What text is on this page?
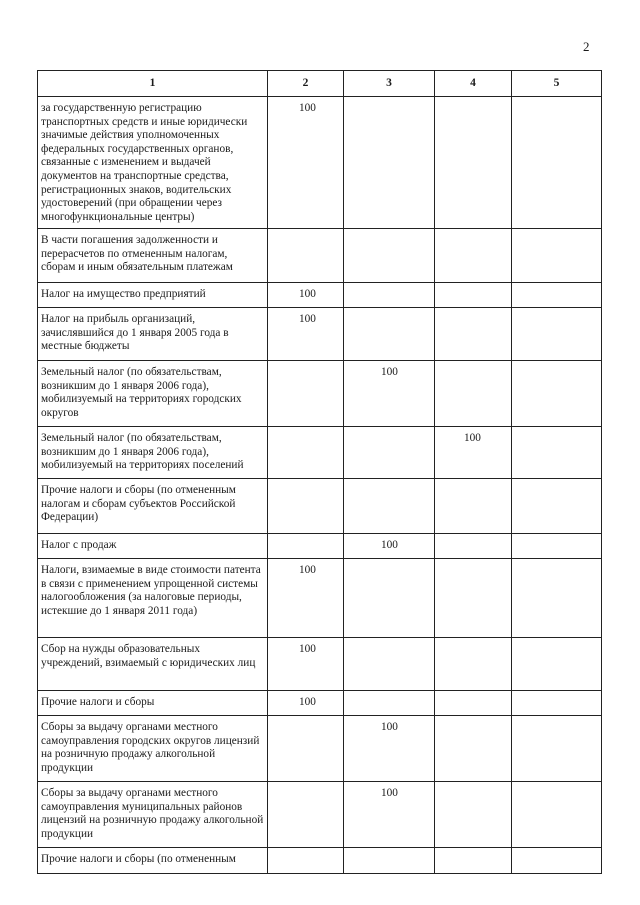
2
1	2	3	4	5
за государственную регистрацию транспортных средств и иные юридически значимые действия уполномоченных федеральных государственных органов, связанные с изменением и выдачей документов на транспортные средства, регистрационных знаков, водительских удостоверений (при обращении через многофункциональные центры)	100			
В части погашения задолженности и перерасчетов по отмененным налогам, сборам и иным обязательным платежам				
Налог на имущество предприятий	100			
Налог на прибыль организаций, зачислявшийся до 1 января 2005 года в местные бюджеты	100			
Земельный налог (по обязательствам, возникшим до 1 января 2006 года), мобилизуемый на территориях городских округов		100		
Земельный налог (по обязательствам, возникшим до 1 января 2006 года), мобилизуемый на территориях поселений			100	
Прочие налоги и сборы (по отмененным налогам и сборам субъектов Российской Федерации)				
Налог с продаж		100		
Налоги, взимаемые в виде стоимости патента в связи с применением упрощенной системы налогообложения (за налоговые периоды, истекшие до 1 января 2011 года)	100			
Сбор на нужды образовательных учреждений, взимаемый с юридических лиц	100			
Прочие налоги и сборы	100			
Сборы за выдачу органами местного самоуправления городских округов лицензий на розничную продажу алкогольной продукции		100		
Сборы за выдачу органами местного самоуправления муниципальных районов лицензий на розничную продажу алкогольной продукции		100		
Прочие налоги и сборы (по отмененным				
